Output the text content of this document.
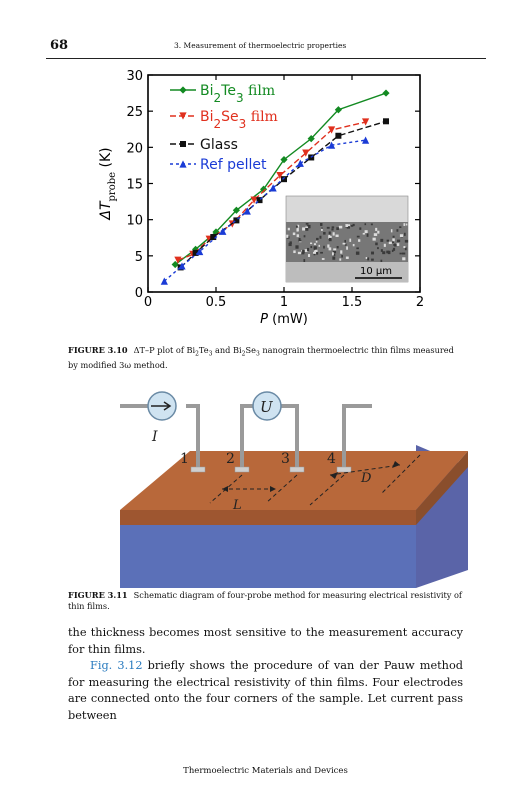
68	3. Measurement of thermoelectric properties
0	0.5	1	1.5	2
0
5
10
15
20
25
30
P (mW)
$\Delta T_{probe}$ (K)
10 μm
Bi2Te3 film
Bi2Se3 film
Glass
Ref pellet
FIGURE 3.10 ΔT–P plot of $Bi_2Te_3$ and $Bi_2Se_3$ nanograin thermoelectric thin films measured by modified 3ω method.
I
U
1	2	3	4
L
D
FIGURE 3.11 Schematic diagram of four-probe method for measuring electrical resistivity of thin films.

the thickness becomes most sensitive to the measurement accuracy for thin films.

Fig. 3.12 briefly shows the procedure of van der Pauw method for measuring the electrical resistivity of thin films. Four electrodes are connected onto the four corners of the sample. Let current pass between

Thermoelectric Materials and Devices
